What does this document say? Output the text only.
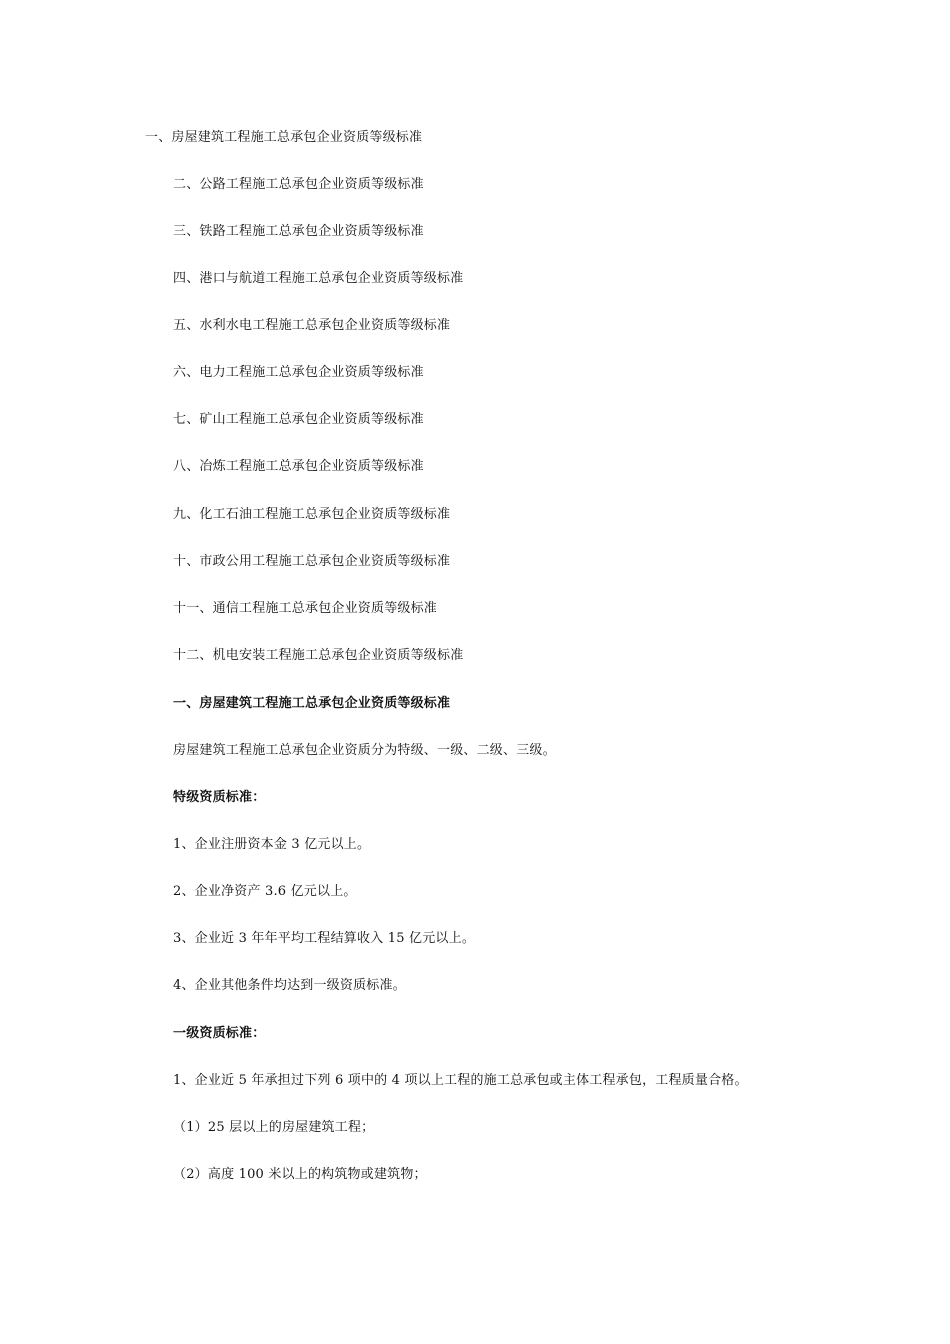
一、房屋建筑工程施工总承包企业资质等级标准
二、公路工程施工总承包企业资质等级标准
三、铁路工程施工总承包企业资质等级标准
四、港口与航道工程施工总承包企业资质等级标准
五、水利水电工程施工总承包企业资质等级标准
六、电力工程施工总承包企业资质等级标准
七、矿山工程施工总承包企业资质等级标准
八、冶炼工程施工总承包企业资质等级标准
九、化工石油工程施工总承包企业资质等级标准
十、市政公用工程施工总承包企业资质等级标准
十一、通信工程施工总承包企业资质等级标准
十二、机电安装工程施工总承包企业资质等级标准
一、房屋建筑工程施工总承包企业资质等级标准
房屋建筑工程施工总承包企业资质分为特级、一级、二级、三级。
特级资质标准：
1、企业注册资本金 3 亿元以上。
2、企业净资产 3.6 亿元以上。
3、企业近 3 年年平均工程结算收入 15 亿元以上。
4、企业其他条件均达到一级资质标准。
一级资质标准：
1、企业近 5 年承担过下列 6 项中的 4 项以上工程的施工总承包或主体工程承包，工程质量合格。
（1）25 层以上的房屋建筑工程；
（2）高度 100 米以上的构筑物或建筑物；
